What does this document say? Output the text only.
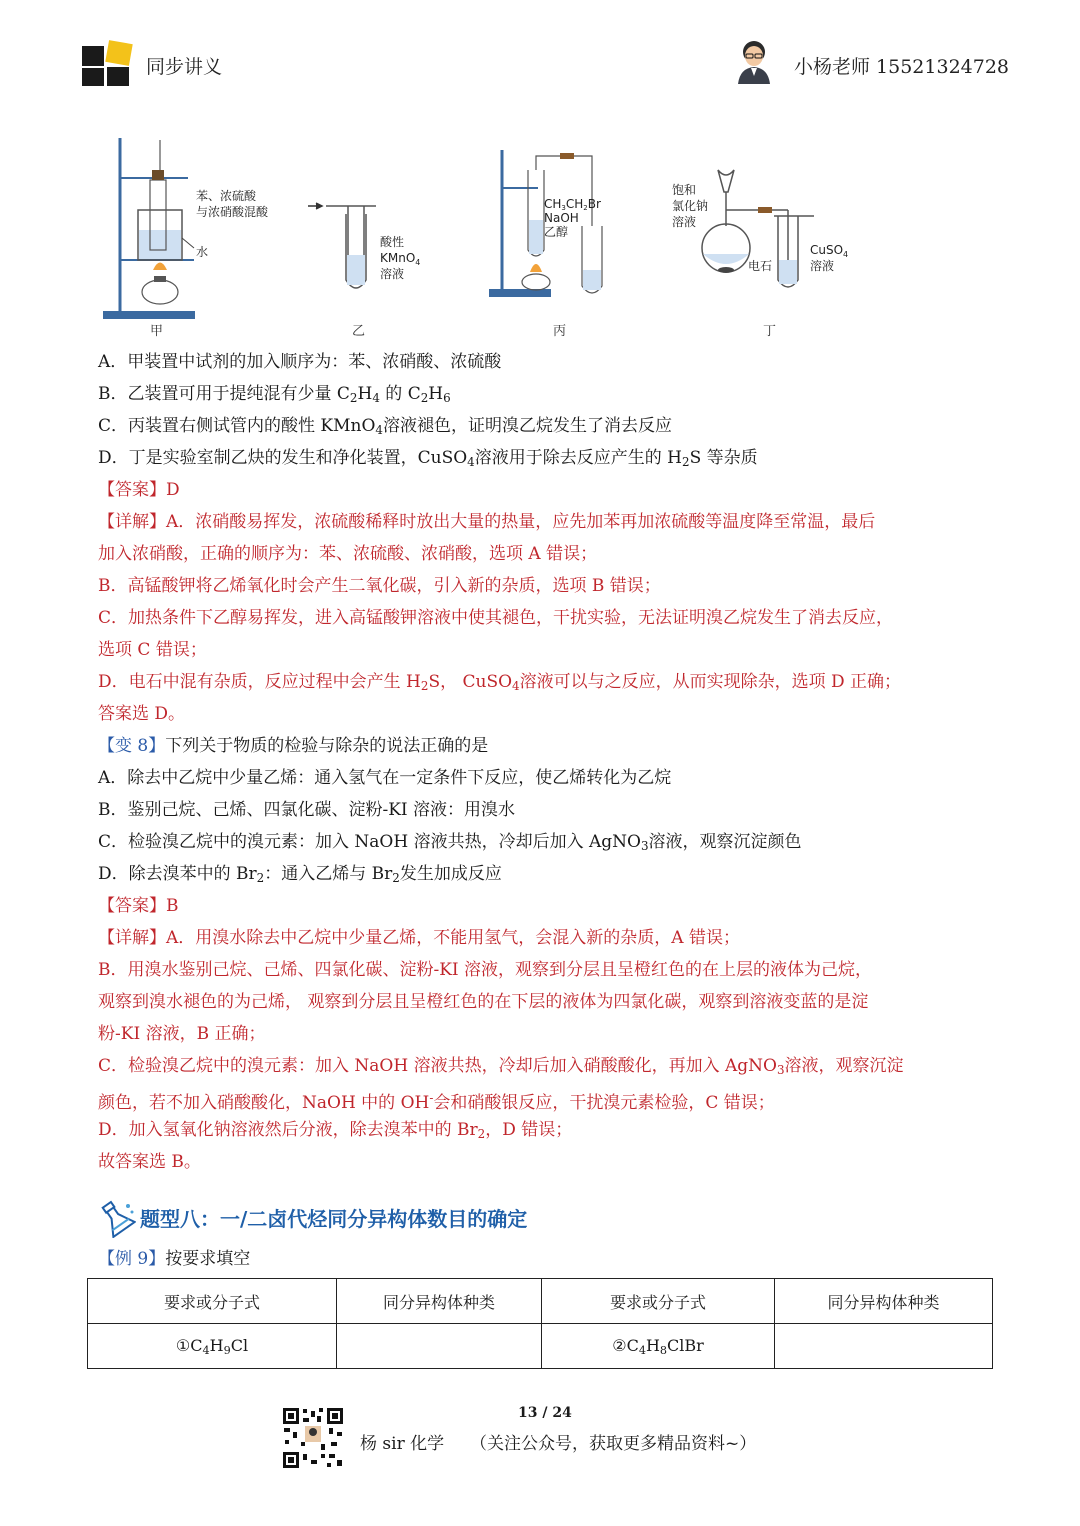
同步讲义	小杨老师 15521324728
苯、浓硫酸
与浓硝酸混酸
水
酸性
KMnO$_4$
溶液
CH3CH2Br
NaOH
乙醇
饱和
氯化钠
溶液
电石
CuSO$_4$
溶液
甲	乙	丙	丁
A．甲装置中试剂的加入顺序为：苯、浓硝酸、浓硫酸
B．乙装置可用于提纯混有少量 $C_2H_4$ 的 $C_2H_6$
C．丙装置右侧试管内的酸性 KMnO$_4$溶液褪色，证明溴乙烷发生了消去反应
D．丁是实验室制乙炔的发生和净化装置，CuSO$_4$溶液用于除去反应产生的 $H_2S$ 等杂质
【答案】D
【详解】A．浓硝酸易挥发，浓硫酸稀释时放出大量的热量，应先加苯再加浓硫酸等温度降至常温，最后
加入浓硝酸，正确的顺序为：苯、浓硫酸、浓硝酸，选项 A 错误；
B．高锰酸钾将乙烯氧化时会产生二氧化碳，引入新的杂质，选项 B 错误；
C．加热条件下乙醇易挥发，进入高锰酸钾溶液中使其褪色，干扰实验，无法证明溴乙烷发生了消去反应，
选项 C 错误；
D．电石中混有杂质，反应过程中会产生 $H_2S$， CuSO$_4$溶液可以与之反应，从而实现除杂，选项 D 正确；
答案选 D。
【变 8】下列关于物质的检验与除杂的说法正确的是
A．除去中乙烷中少量乙烯：通入氢气在一定条件下反应，使乙烯转化为乙烷
B．鉴别己烷、己烯、四氯化碳、淀粉-KI 溶液：用溴水
C．检验溴乙烷中的溴元素：加入 NaOH 溶液共热，冷却后加入 AgNO$_3$溶液，观察沉淀颜色
D．除去溴苯中的 $Br_2$：通入乙烯与 $Br_2$发生加成反应
【答案】B
【详解】A．用溴水除去中乙烷中少量乙烯，不能用氢气，会混入新的杂质，A 错误；
B．用溴水鉴别己烷、己烯、四氯化碳、淀粉-KI 溶液，观察到分层且呈橙红色的在上层的液体为己烷，
观察到溴水褪色的为己烯， 观察到分层且呈橙红色的在下层的液体为四氯化碳，观察到溶液变蓝的是淀
粉-KI 溶液，B 正确；
C．检验溴乙烷中的溴元素：加入 NaOH 溶液共热，冷却后加入硝酸酸化，再加入 AgNO$_3$溶液，观察沉淀
颜色，若不加入硝酸酸化，NaOH 中的 OH-会和硝酸银反应，干扰溴元素检验，C 错误；
D．加入氢氧化钠溶液然后分液，除去溴苯中的 $Br_2$，D 错误；
故答案选 B。
题型八：一/二卤代烃同分异构体数目的确定
【例 9】按要求填空
要求或分子式	同分异构体种类	要求或分子式	同分异构体种类
$①C_4H_9Cl$		$②C_4H_8ClBr$	
13 / 24
杨 sir 化学 （关注公众号，获取更多精品资料~）
